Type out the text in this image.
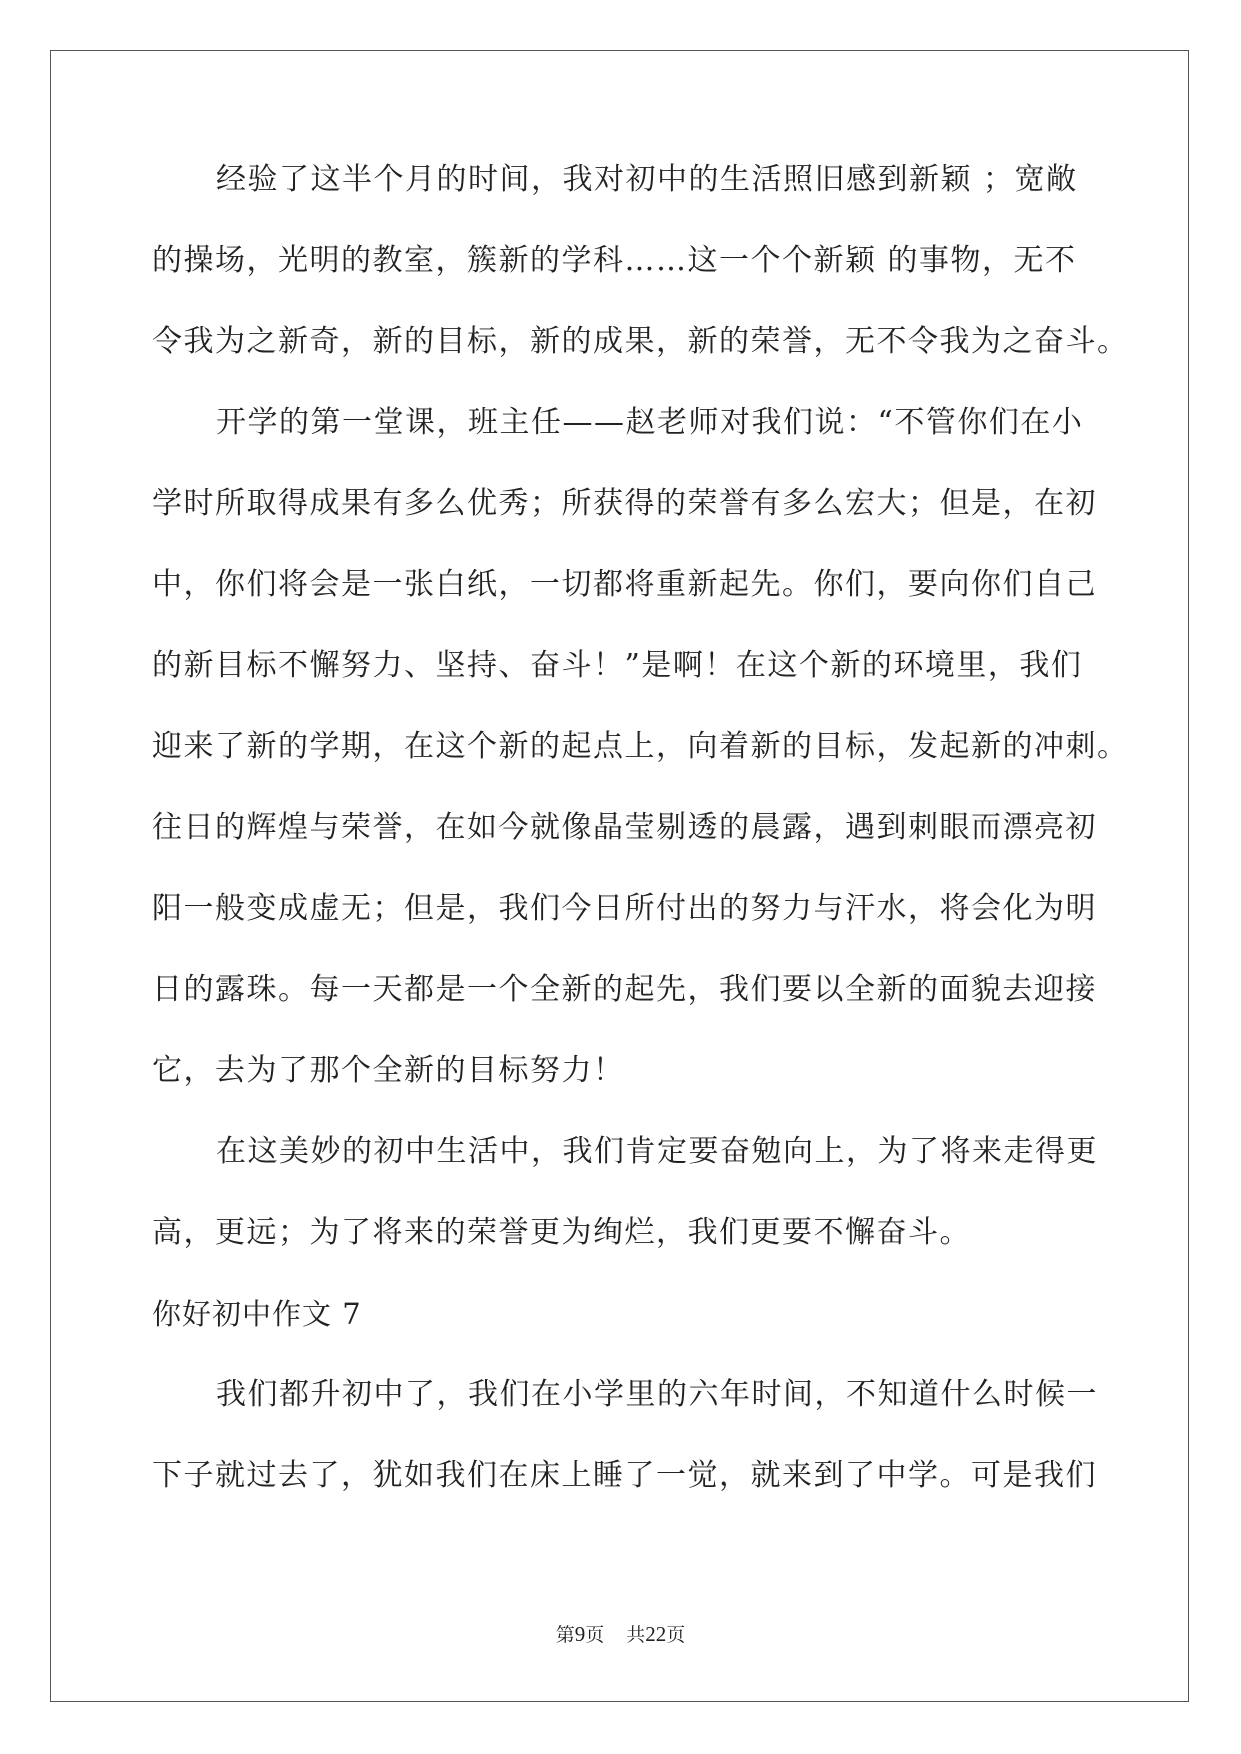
经验了这半个月的时间，我对初中的生活照旧感到新颖 ；宽敞
的操场，光明的教室，簇新的学科……这一个个新颖 的事物，无不
令我为之新奇，新的目标，新的成果，新的荣誉，无不令我为之奋斗。
开学的第一堂课，班主任——赵老师对我们说：“不管你们在小
学时所取得成果有多么优秀；所获得的荣誉有多么宏大；但是，在初
中，你们将会是一张白纸，一切都将重新起先。你们，要向你们自己
的新目标不懈努力、坚持、奋斗！”是啊！在这个新的环境里，我们
迎来了新的学期，在这个新的起点上，向着新的目标，发起新的冲刺。
往日的辉煌与荣誉，在如今就像晶莹剔透的晨露，遇到刺眼而漂亮初
阳一般变成虚无；但是，我们今日所付出的努力与汗水，将会化为明
日的露珠。每一天都是一个全新的起先，我们要以全新的面貌去迎接
它，去为了那个全新的目标努力！
在这美妙的初中生活中，我们肯定要奋勉向上，为了将来走得更
高，更远；为了将来的荣誉更为绚烂，我们更要不懈奋斗。
你好初中作文 7
我们都升初中了，我们在小学里的六年时间，不知道什么时候一
下子就过去了，犹如我们在床上睡了一觉，就来到了中学。可是我们
第9页 共22页
